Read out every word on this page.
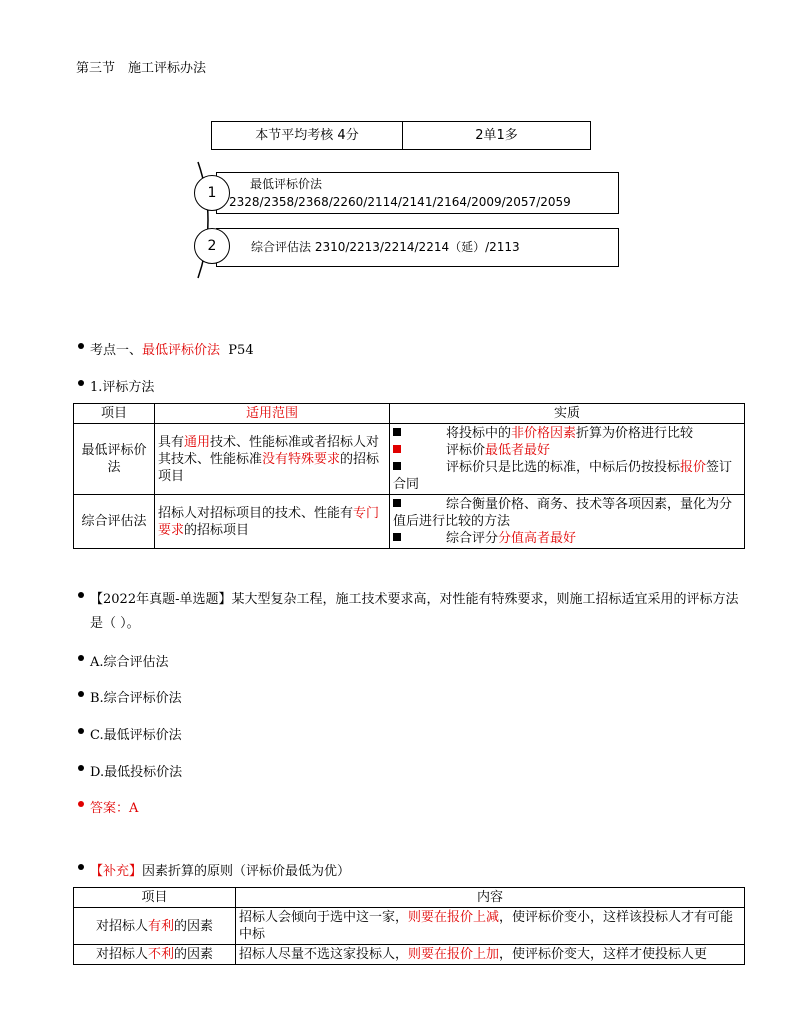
第三节　施工评标办法
本节平均考核 4分	2单1多
最低评标价法
2328/2358/2368/2260/2114/2141/2164/2009/2057/2059
1
综合评估法 2310/2213/2214/2214（延）/2113
2
考点一、最低评标价法 P54
1.评标方法
项目	适用范围	实质
最低评标价法	具有通用技术、性能标准或者招标人对其技术、性能标准没有特殊要求的招标项目	将投标中的非价格因素折算为价格进行比较
评标价最低者最好
评标价只是比选的标准，中标后仍按投标报价签订合同

综合评估法	招标人对招标项目的技术、性能有专门要求的招标项目	综合衡量价格、商务、技术等各项因素，量化为分值后进行比较的方法
综合评分分值高者最好
【2022年真题-单选题】某大型复杂工程，施工技术要求高，对性能有特殊要求，则施工招标适宜采用的评标方法是（ ）。
A.综合评估法
B.综合评标价法
C.最低评标价法
D.最低投标价法
答案：A
【补充】因素折算的原则（评标价最低为优）
项目	内容
对招标人有利的因素	招标人会倾向于选中这一家，则要在报价上减，使评标价变小，这样该投标人才有可能中标
对招标人不利的因素	招标人尽量不选这家投标人，则要在报价上加，使评标价变大，这样才使投标人更
